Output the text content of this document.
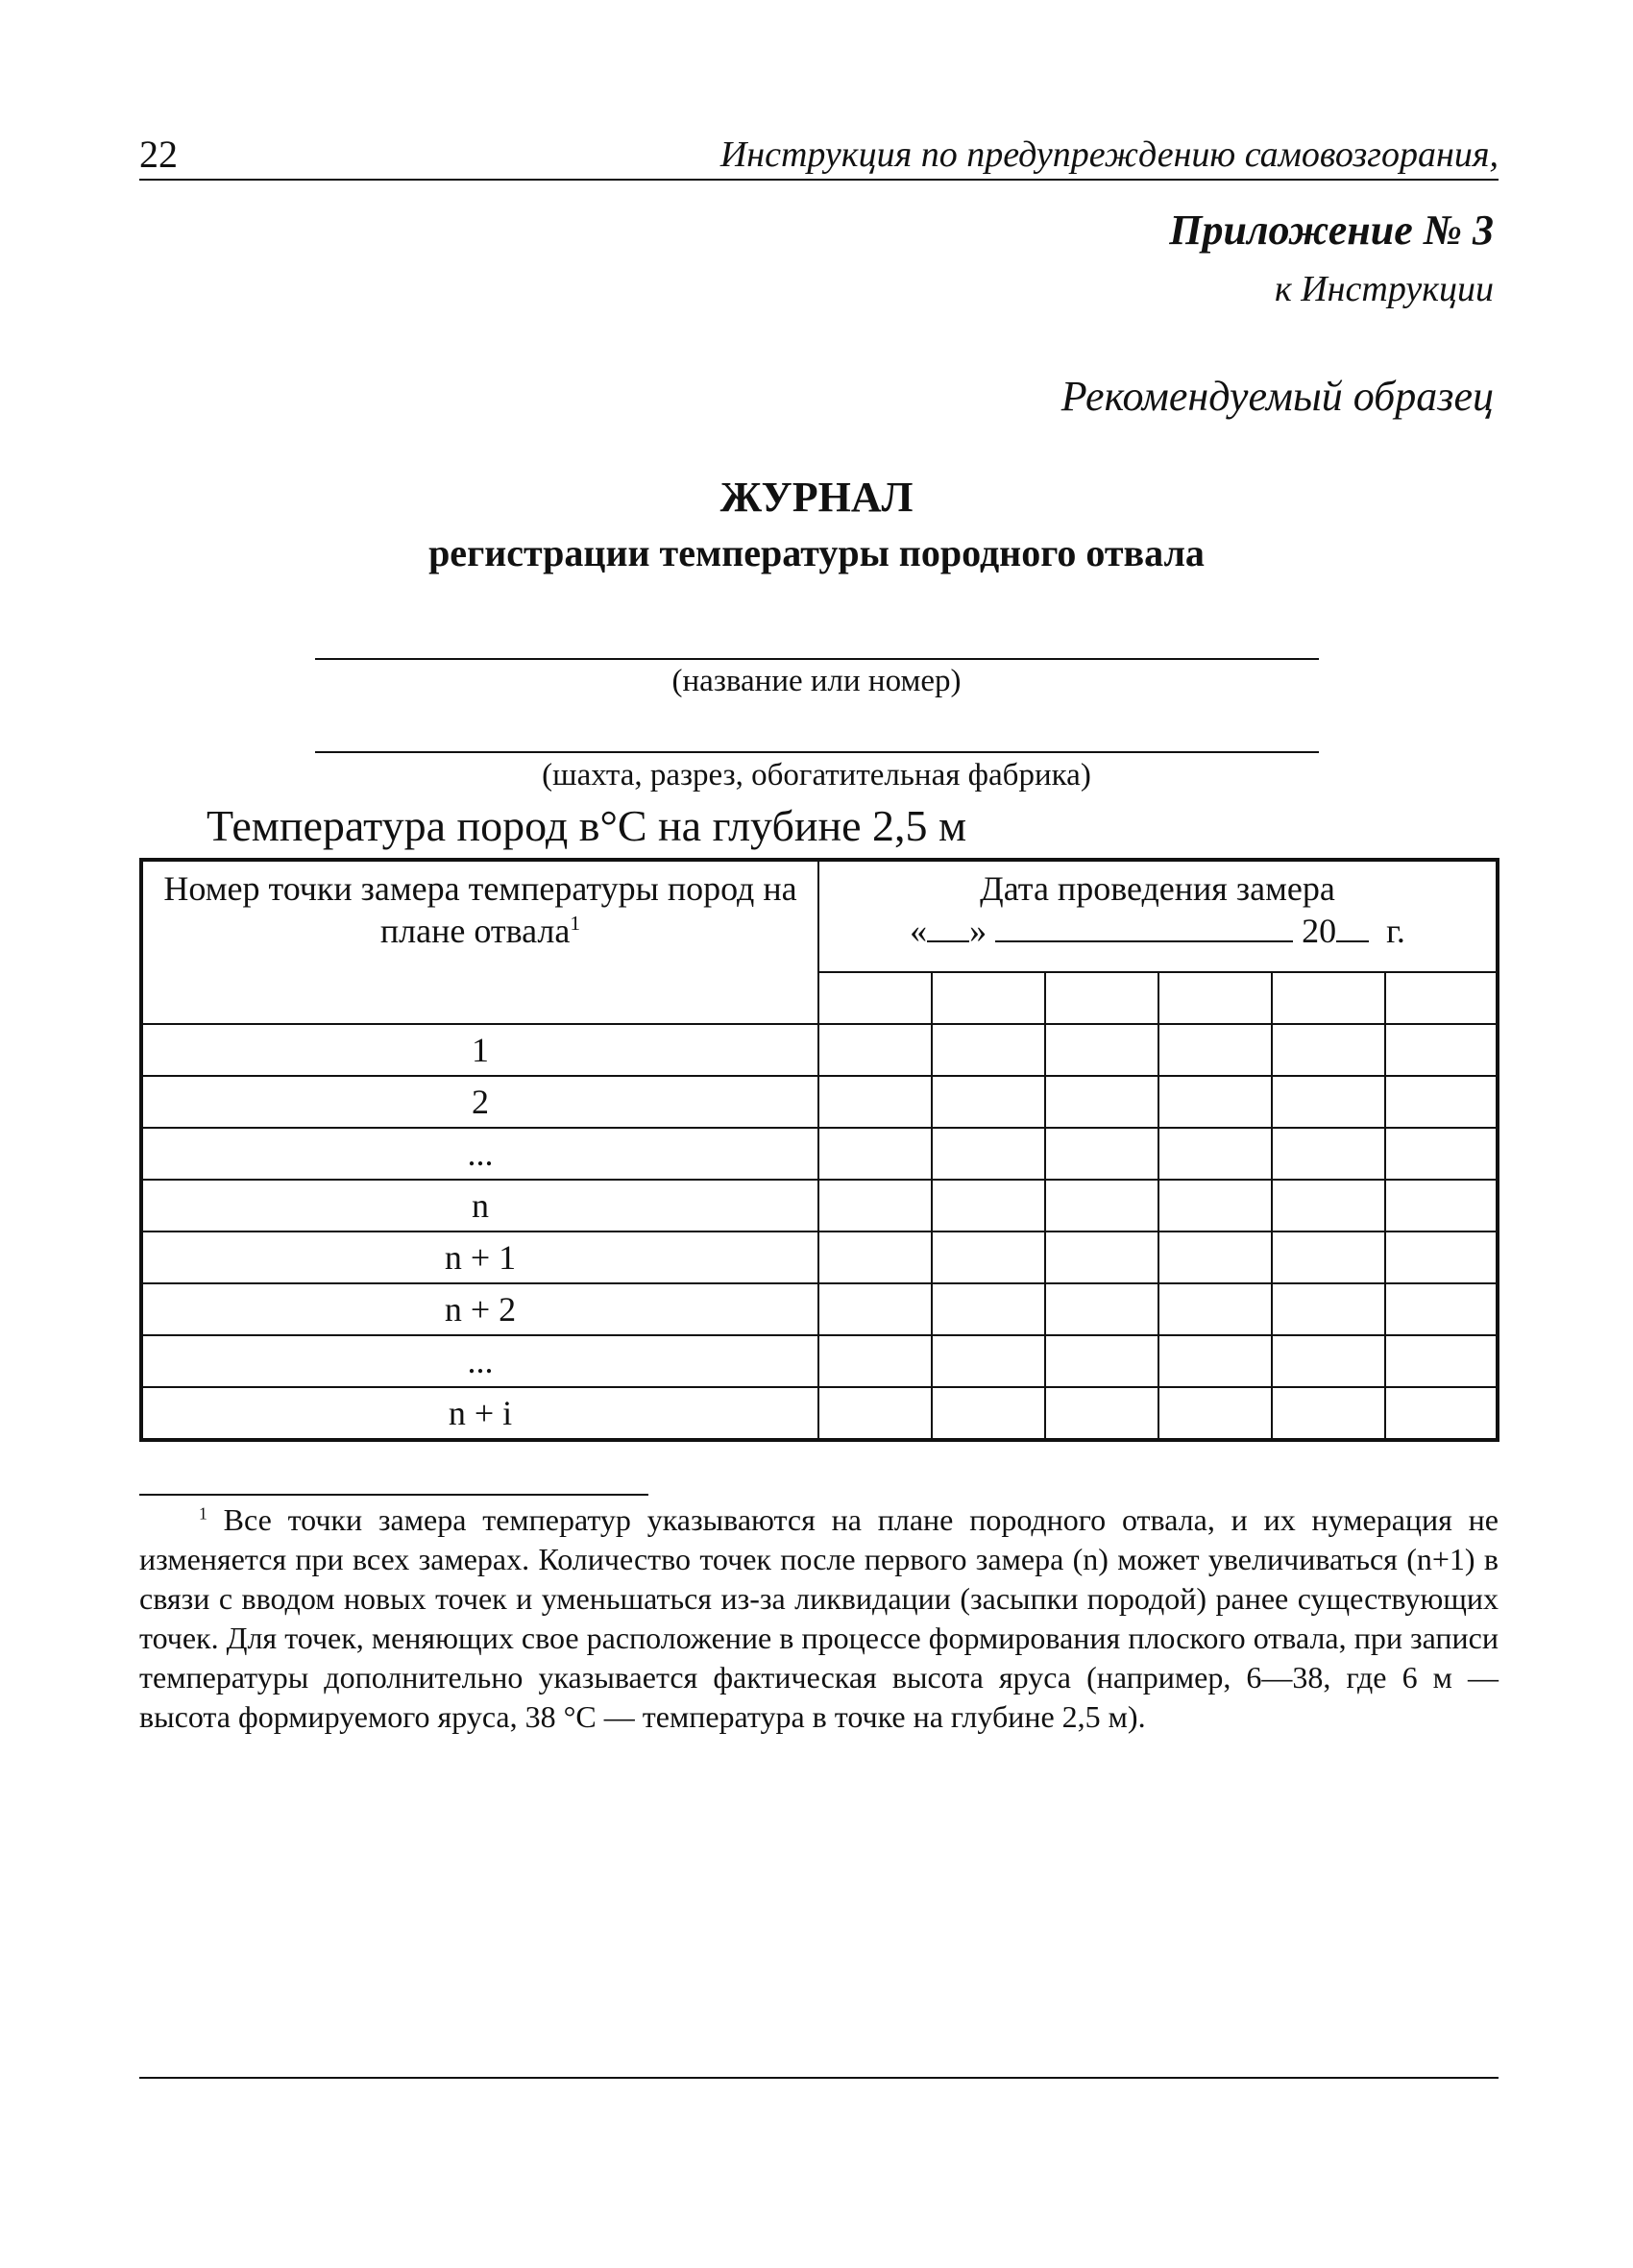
22	Инструкция по предупреждению самовозгорания,
Приложение № 3
к Инструкции
Рекомендуемый образец
ЖУРНАЛ
регистрации температуры породного отвала
(название или номер)
(шахта, разрез, обогатительная фабрика)
Температура пород в°С на глубине 2,5 м
Номер точки замера температуры пород на плане отвала$^1$	Дата проведения замера
« » 20 г.					

1						
2						
...						
n						
n + 1						
n + 2						
...						
n + i						
$^1$ Все точки замера температур указываются на плане породного отвала, и их нумерация не изменяется при всех замерах. Количество точек после первого замера (n) может увеличиваться (n+1) в связи с вводом новых точек и уменьшаться из-за ликвидации (засыпки породой) ранее существующих точек. Для точек, меняющих свое расположение в процессе формирования плоского отвала, при записи температуры дополнительно указывается фактическая высота яруса (например, 6—38, где 6 м — высота формируемого яруса, 38 °С — температура в точке на глубине 2,5 м).
